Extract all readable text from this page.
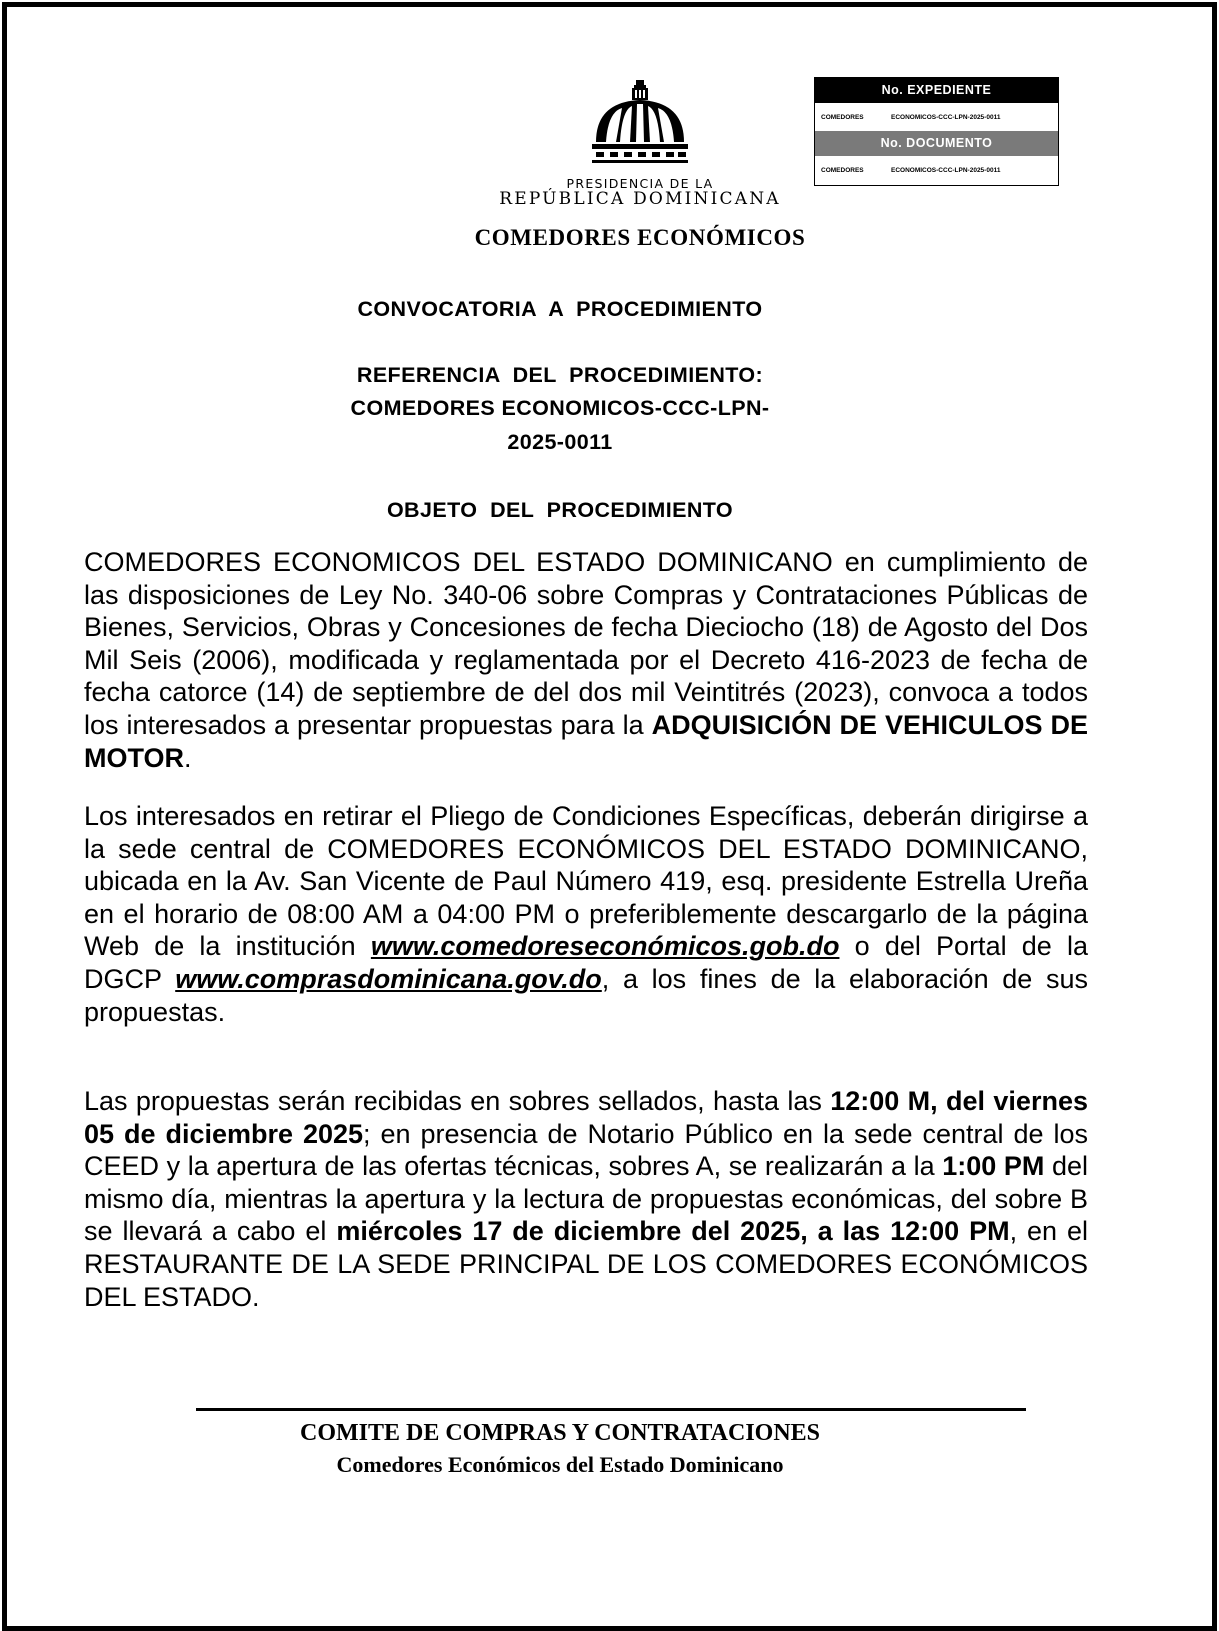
PRESIDENCIA DE LA
REPÚBLICA DOMINICANA
COMEDORES ECONÓMICOS
No. EXPEDIENTE
COMEDORES	ECONOMICOS-CCC-LPN-2025-0011
No. DOCUMENTO
COMEDORES	ECONOMICOS-CCC-LPN-2025-0011
CONVOCATORIA  A  PROCEDIMIENTO
REFERENCIA  DEL  PROCEDIMIENTO:
COMEDORES ECONOMICOS-CCC-LPN-
2025-0011
OBJETO  DEL  PROCEDIMIENTO
COMEDORES ECONOMICOS DEL ESTADO DOMINICANO en cumplimiento de las disposiciones de Ley No. 340-06 sobre Compras y Contrataciones Públicas de Bienes, Servicios, Obras y Concesiones de fecha Dieciocho (18) de Agosto del Dos Mil Seis (2006), modificada y reglamentada por el Decreto 416-2023 de fecha de fecha catorce (14) de septiembre de del dos mil Veintitrés (2023), convoca a todos los interesados a presentar propuestas para la ADQUISICIÓN DE VEHICULOS DE MOTOR.
Los interesados en retirar el Pliego de Condiciones Específicas, deberán dirigirse a la sede central de COMEDORES ECONÓMICOS DEL ESTADO DOMINICANO, ubicada en la Av. San Vicente de Paul Número 419, esq. presidente Estrella Ureña en el horario de 08:00 AM a 04:00 PM o preferiblemente descargarlo de la página Web de la institución www.comedoreseconómicos.gob.do o del Portal de la DGCP www.comprasdominicana.gov.do, a los fines de la elaboración de sus propuestas.
Las propuestas serán recibidas en sobres sellados, hasta las 12:00 M, del viernes 05 de diciembre 2025; en presencia de Notario Público en la sede central de los CEED y la apertura de las ofertas técnicas, sobres A, se realizarán a la 1:00 PM del mismo día, mientras la apertura y la lectura de propuestas económicas, del sobre B se llevará a cabo el miércoles 17 de diciembre del 2025, a las 12:00 PM, en el RESTAURANTE DE LA SEDE PRINCIPAL DE LOS COMEDORES ECONÓMICOS DEL ESTADO.
COMITE DE COMPRAS Y CONTRATACIONES
Comedores Económicos del Estado Dominicano
